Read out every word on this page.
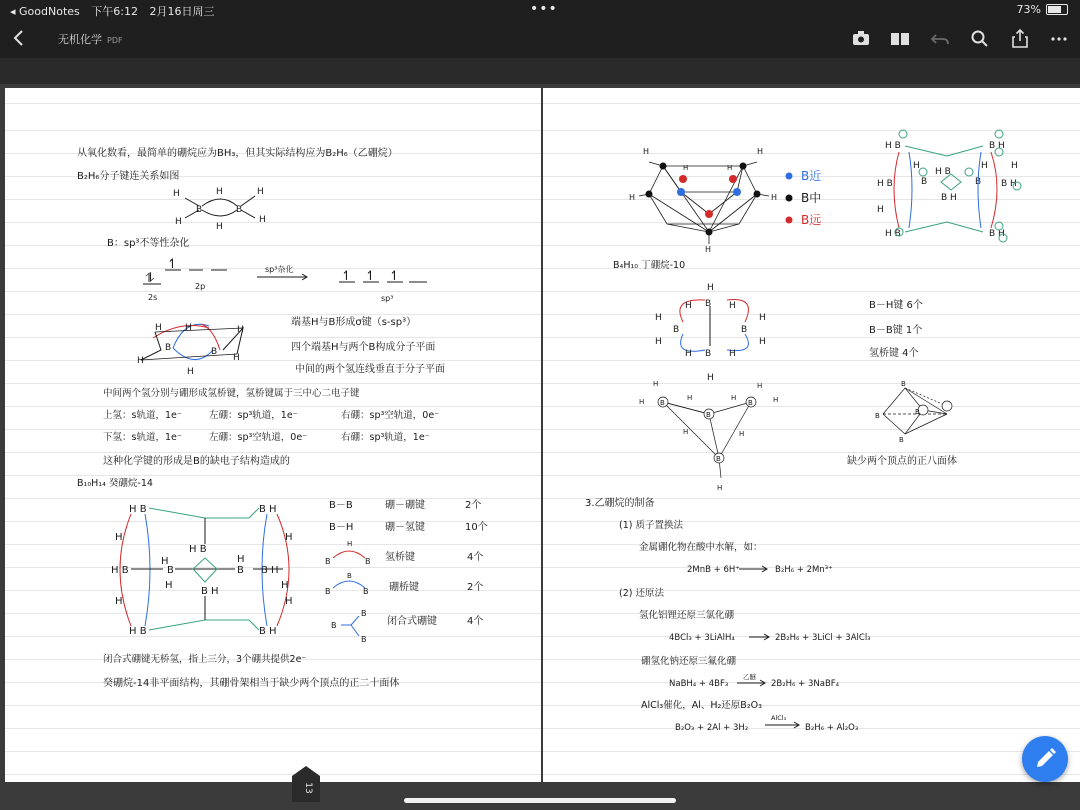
◂ GoodNotes 下午6:12 2月16日周三	•••	73%
无机化学 PDF
从氧化数看，最简单的硼烷应为BH₃，但其实际结构应为B₂H₆（乙硼烷）
B₂H₆分子键连关系如图
B	B
H
H
H
H
H
H
B：sp³不等性杂化
⥮
↿
2s
2p
sp³杂化	↿ ↿ ↿
sp³
B	B
H	H	H
H
H
H
端基H与B形成σ键（s-sp³）
四个端基H与两个B构成分子平面
中间的两个氢连线垂直于分子平面
中间两个氢分别与硼形成氢桥键，氢桥键属于三中心二电子键
上氢：s轨道，1e⁻	左硼：sp³轨道，1e⁻	右硼：sp³空轨道，0e⁻
下氢：s轨道，1e⁻	左硼：sp³空轨道，0e⁻	右硼：sp³轨道，1e⁻
这种化学键的形成是B的缺电子结构造成的
B₁₀H₁₄ 癸硼烷-14
H B	B H
H	H
H B
H
H
H B	B	B B H
H
B H
H
H	H
H B	B H
B－B	硼－硼键	2个
B－H	硼－氢键	10个
H
B	B 氢桥键	4个
B
B	B 硼桥键	2个
B
B
B
闭合式硼键	4个
闭合式硼键无桥氢，指上三分，3个硼共提供2e⁻
癸硼烷-14非平面结构，其硼骨架相当于缺少两个顶点的正二十面体
H	H
H	H
H
H	H
B近
B中
B远
H B	B H
H B	B H
B
H B
B
B H
H B	B H
H	H
H
H
B₄H₁₀ 丁硼烷-10
B
B
B	B
H	H
H	H
H
H
H
H
H
H
B－H键 6个
B－B键 1个
氢桥键 4个
B
B
B
B
H
H	H
H
H	H
H	H
H
B
B
B
B
缺少两个顶点的正八面体
3.乙硼烷的制备
(1) 质子置换法
金属硼化物在酸中水解，如：
2MnB + 6H⁺	B₂H₆ + 2Mn³⁺
(2) 还原法
氢化铝锂还原三氯化硼
4BCl₃ + 3LiAlH₄	2B₂H₆ + 3LiCl + 3AlCl₃
硼氢化钠还原三氟化硼
NaBH₄ + 4BF₃
乙醚
2B₂H₆ + 3NaBF₄
AlCl₃催化，Al、H₂还原B₂O₃
B₂O₃ + 2Al + 3H₂
AlCl₃
B₂H₆ + Al₂O₃
13
